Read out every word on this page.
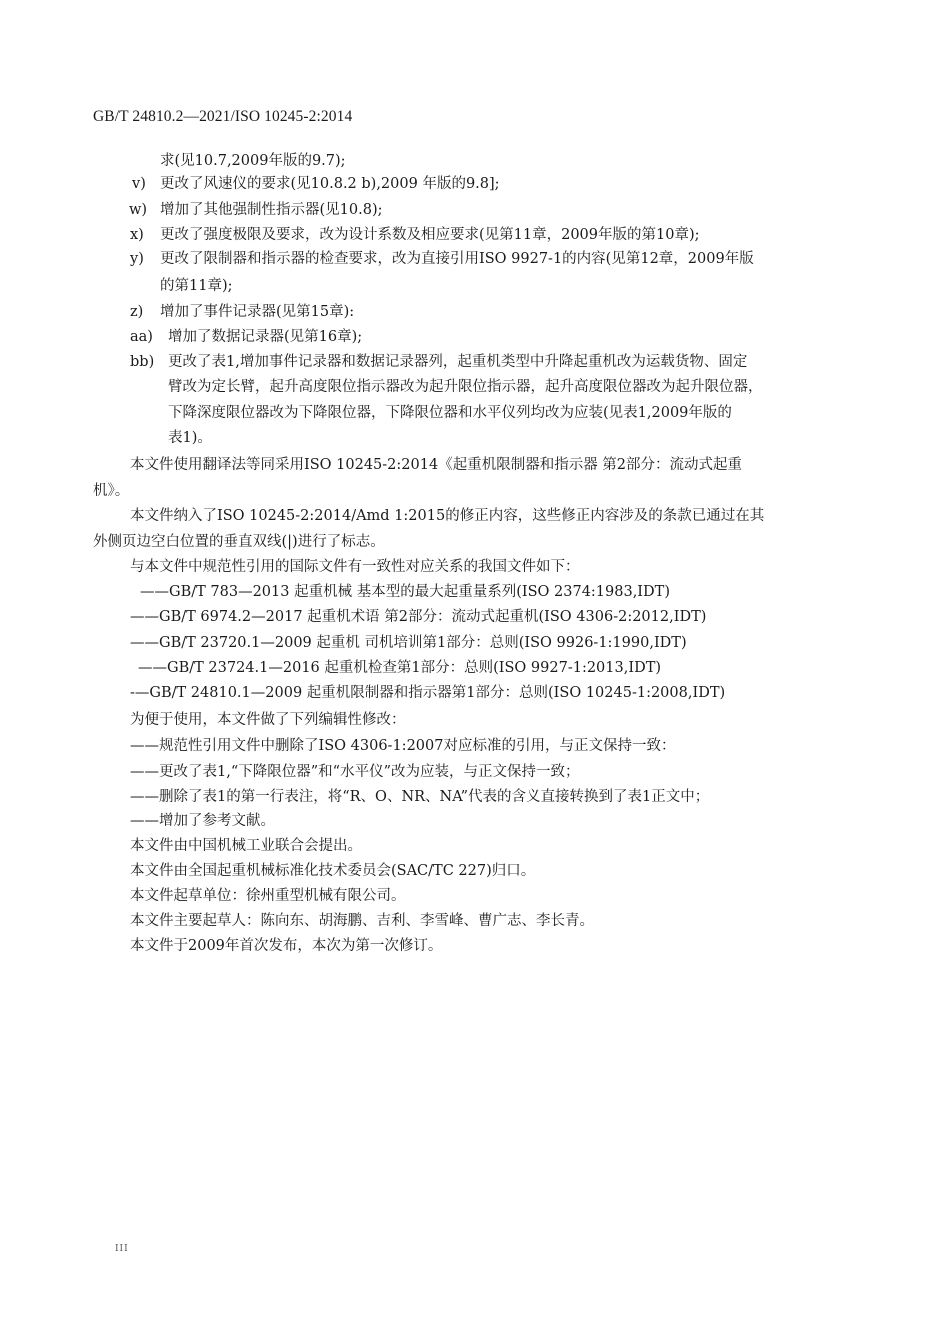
GB/T 24810.2—2021/ISO 10245-2:2014
求(见10.7,2009年版的9.7);
v) 更改了风速仪的要求(见10.8.2 b),2009 年版的9.8];
w) 增加了其他强制性指示器(见10.8);
x) 更改了强度极限及要求，改为设计系数及相应要求(见第11章，2009年版的第10章);
y) 更改了限制器和指示器的检查要求，改为直接引用ISO 9927-1的内容(见第12章，2009年版
的第11章);
z) 增加了事件记录器(见第15章):
aa) 增加了数据记录器(见第16章);
bb) 更改了表1,增加事件记录器和数据记录器列，起重机类型中升降起重机改为运载货物、固定
臂改为定长臂，起升高度限位指示器改为起升限位指示器，起升高度限位器改为起升限位器，
下降深度限位器改为下降限位器，下降限位器和水平仪列均改为应装(见表1,2009年版的
表1)。
本文件使用翻译法等同采用ISO 10245-2:2014《起重机限制器和指示器 第2部分：流动式起重
机》。
本文件纳入了ISO 10245-2:2014/Amd 1:2015的修正内容，这些修正内容涉及的条款已通过在其
外侧页边空白位置的垂直双线(|)进行了标志。
与本文件中规范性引用的国际文件有一致性对应关系的我国文件如下：
——GB/T 783—2013 起重机械 基本型的最大起重量系列(ISO 2374:1983,IDT)
——GB/T 6974.2—2017 起重机术语 第2部分：流动式起重机(ISO 4306-2:2012,IDT)
——GB/T 23720.1—2009 起重机 司机培训第1部分：总则(ISO 9926-1:1990,IDT)
——GB/T 23724.1—2016 起重机检查第1部分：总则(ISO 9927-1:2013,IDT)
-—GB/T 24810.1—2009 起重机限制器和指示器第1部分：总则(ISO 10245-1:2008,IDT)
为便于使用，本文件做了下列编辑性修改：
——规范性引用文件中删除了ISO 4306-1:2007对应标准的引用，与正文保持一致：
——更改了表1,“下降限位器”和“水平仪”改为应装，与正文保持一致；
——删除了表1的第一行表注，将“R、O、NR、NA”代表的含义直接转换到了表1正文中；
——增加了参考文献。
本文件由中国机械工业联合会提出。
本文件由全国起重机械标准化技术委员会(SAC/TC 227)归口。
本文件起草单位：徐州重型机械有限公司。
本文件主要起草人：陈向东、胡海鹏、吉利、李雪峰、曹广志、李长青。
本文件于2009年首次发布，本次为第一次修订。
III
